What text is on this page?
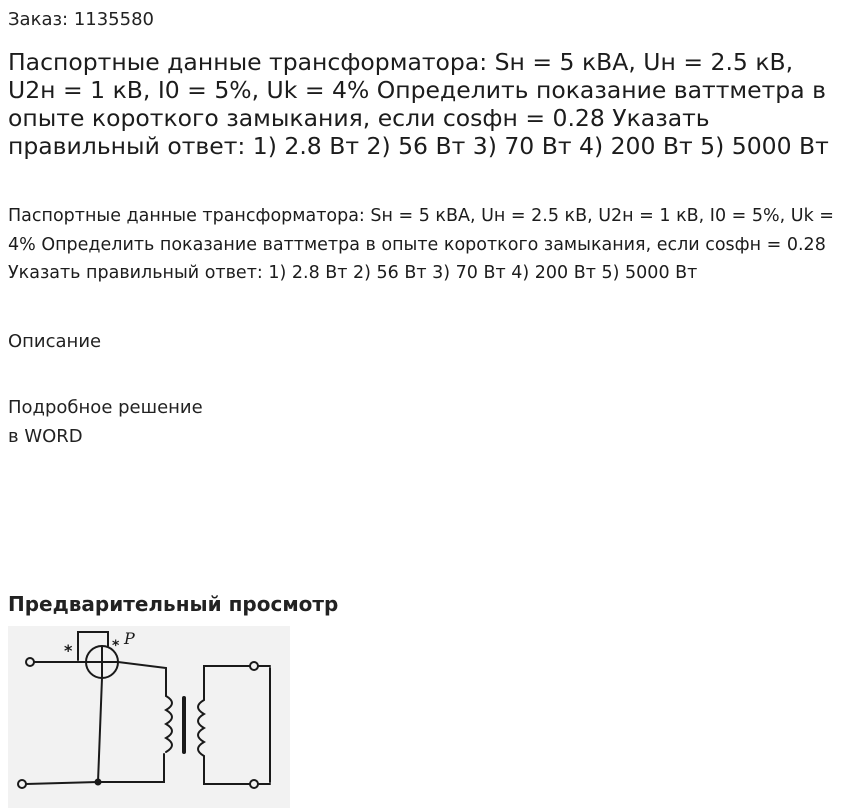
Заказ: 1135580
Паспортные данные трансформатора: Sн = 5 кВА, Uн = 2.5 кВ, U2н = 1 кВ, I0 = 5%, Uk = 4% Определить показание ваттметра в опыте короткого замыкания, если cosфн = 0.28 Указать правильный ответ: 1) 2.8 Вт 2) 56 Вт 3) 70 Вт 4) 200 Вт 5) 5000 Вт

Паспортные данные трансформатора: Sн = 5 кВА, Uн = 2.5 кВ, U2н = 1 кВ, I0 = 5%, Uk = 4% Определить показание ваттметра в опыте короткого замыкания, если cosфн = 0.28 Указать правильный ответ: 1) 2.8 Вт 2) 56 Вт 3) 70 Вт 4) 200 Вт 5) 5000 Вт

Описание
Подробное решение
в WORD
Предварительный просмотр
*	* P
